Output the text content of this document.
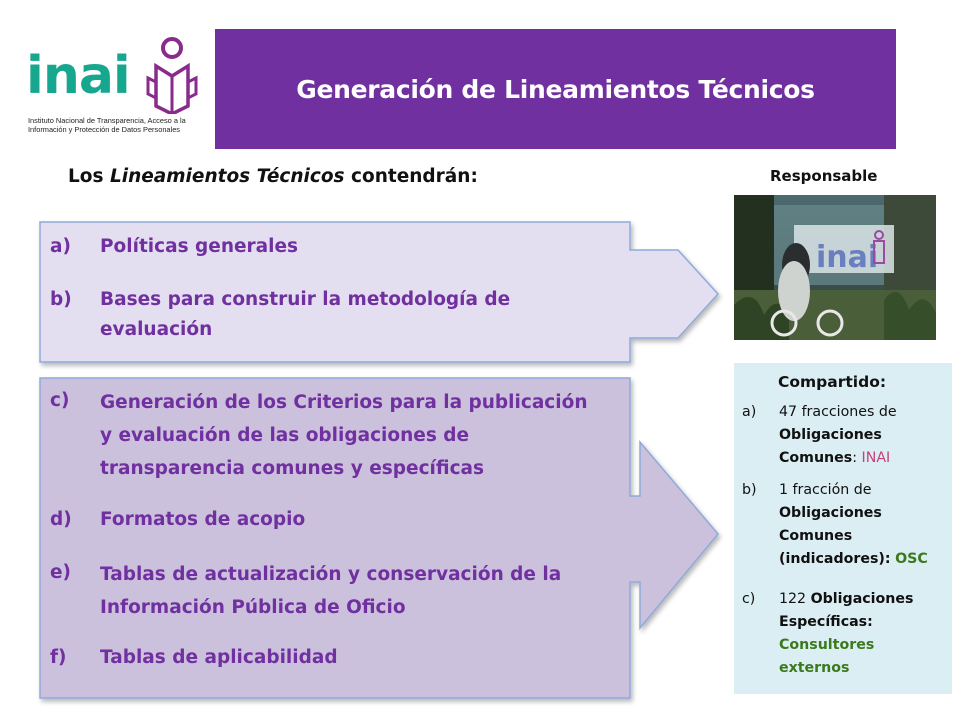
inai
Instituto Nacional de Transparencia, Acceso a la Información y Protección de Datos Personales
Generación de Lineamientos Técnicos
Los Lineamientos Técnicos contendrán:	Responsable
a)	Políticas generales
b)	Bases para construir la metodología de evaluación
c)	Generación de los Criterios para la publicación y evaluación de las obligaciones de transparencia comunes y específicas
d)	Formatos de acopio
e)	Tablas de actualización y conservación de la Información Pública de Oficio
f)	Tablas de aplicabilidad
inai
Compartido:
a)	47 fracciones de Obligaciones Comunes: INAI
b)	1 fracción de Obligaciones Comunes (indicadores): OSC
c)	122 Obligaciones Específicas: Consultores externos
